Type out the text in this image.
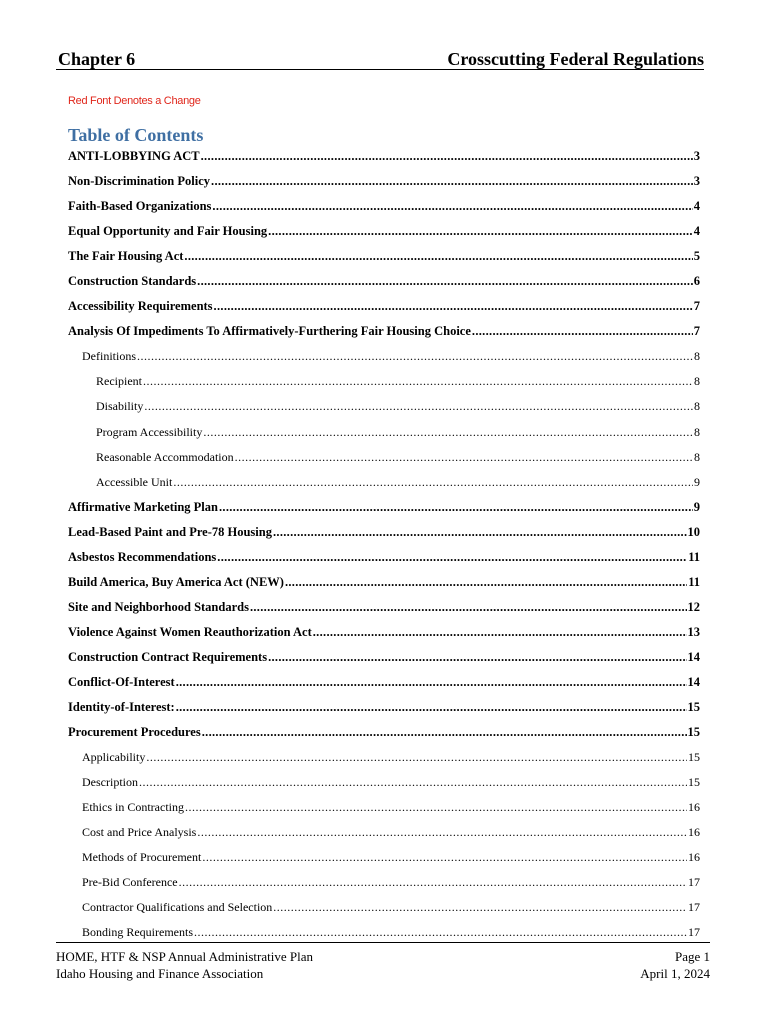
Chapter 6	Crosscutting Federal Regulations
Red Font Denotes a Change
Table of Contents
ANTI-LOBBYING ACT .....	3
Non-Discrimination Policy .....	3
Faith-Based Organizations .....	4
Equal Opportunity and Fair Housing .....	4
The Fair Housing Act .....	5
Construction Standards .....	6
Accessibility Requirements .....	7
Analysis Of Impediments To Affirmatively-Furthering Fair Housing Choice .....	7
Definitions .....	8
Recipient .....	8
Disability .....	8
Program Accessibility .....	8
Reasonable Accommodation .....	8
Accessible Unit .....	9
Affirmative Marketing Plan .....	9
Lead-Based Paint and Pre-78 Housing .....	10
Asbestos Recommendations .....	11
Build America, Buy America Act (NEW) .....	11
Site and Neighborhood Standards .....	12
Violence Against Women Reauthorization Act .....	13
Construction Contract Requirements .....	14
Conflict-Of-Interest .....	14
Identity-of-Interest: .....	15
Procurement Procedures .....	15
Applicability .....	15
Description .....	15
Ethics in Contracting .....	16
Cost and Price Analysis .....	16
Methods of Procurement .....	16
Pre-Bid Conference .....	17
Contractor Qualifications and Selection .....	17
Bonding Requirements .....	17
HOME, HTF & NSP Annual Administrative Plan
Idaho Housing and Finance Association
Page 1
April 1, 2024
